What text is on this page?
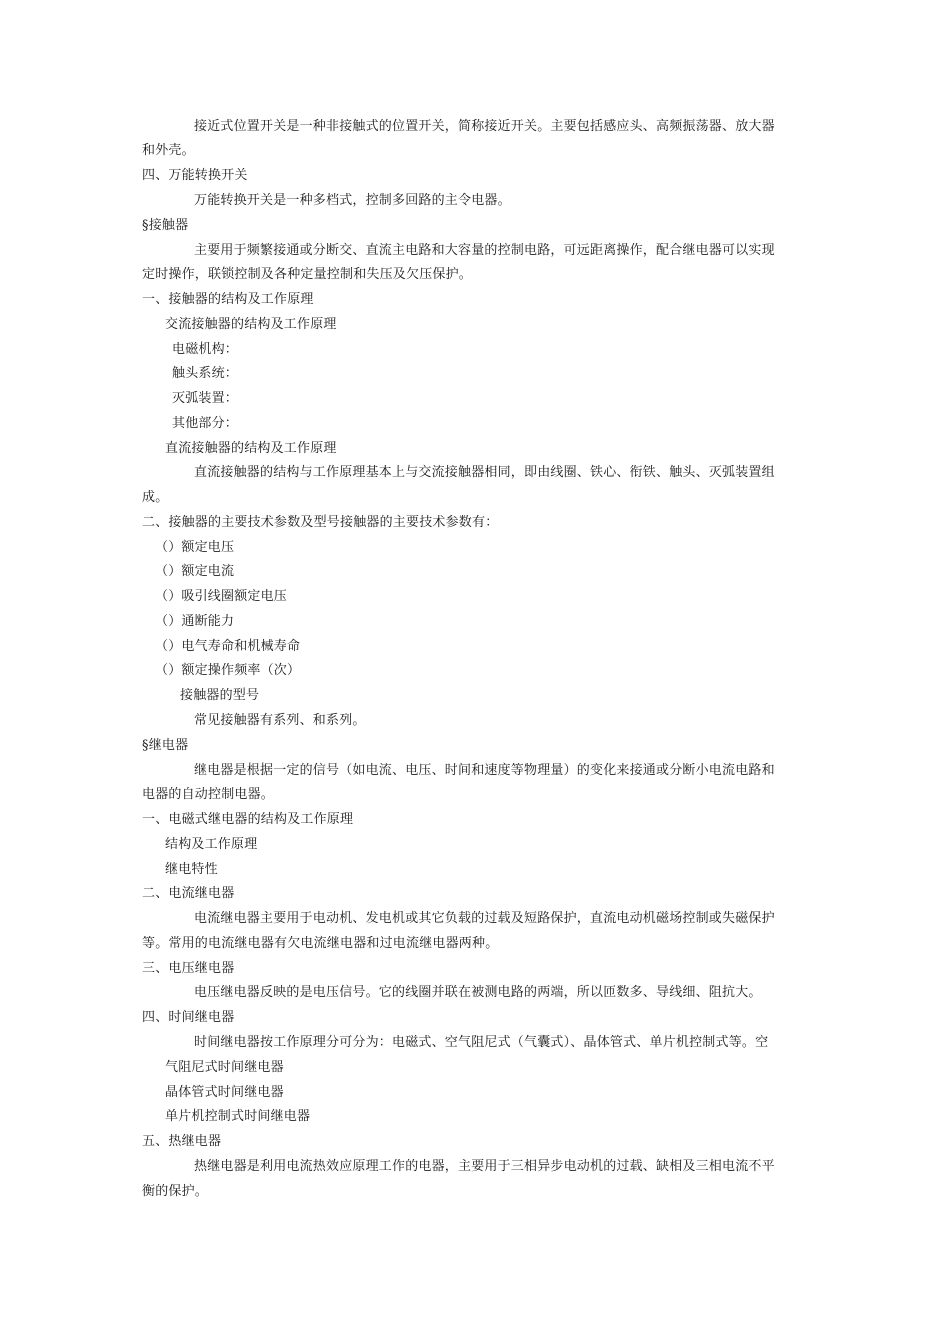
接近式位置开关是一种非接触式的位置开关，简称接近开关。主要包括感应头、高频振荡器、放大器
和外壳。
四、万能转换开关
万能转换开关是一种多档式，控制多回路的主令电器。
§接触器
主要用于频繁接通或分断交、直流主电路和大容量的控制电路，可远距离操作，配合继电器可以实现
定时操作，联锁控制及各种定量控制和失压及欠压保护。
一、接触器的结构及工作原理
交流接触器的结构及工作原理
电磁机构：
触头系统：
灭弧装置：
其他部分：
直流接触器的结构及工作原理
直流接触器的结构与工作原理基本上与交流接触器相同，即由线圈、铁心、衔铁、触头、灭弧装置组
成。
二、接触器的主要技术参数及型号接触器的主要技术参数有：
（）额定电压
（）额定电流
（）吸引线圈额定电压
（）通断能力
（）电气寿命和机械寿命
（）额定操作频率（次）
接触器的型号
常见接触器有系列、和系列。
§继电器
继电器是根据一定的信号（如电流、电压、时间和速度等物理量）的变化来接通或分断小电流电路和
电器的自动控制电器。
一、电磁式继电器的结构及工作原理
结构及工作原理
继电特性
二、电流继电器
电流继电器主要用于电动机、发电机或其它负载的过载及短路保护，直流电动机磁场控制或失磁保护
等。常用的电流继电器有欠电流继电器和过电流继电器两种。
三、电压继电器
电压继电器反映的是电压信号。它的线圈并联在被测电路的两端，所以匝数多、导线细、阻抗大。
四、时间继电器
时间继电器按工作原理分可分为：电磁式、空气阻尼式（气囊式）、晶体管式、单片机控制式等。空
气阻尼式时间继电器
晶体管式时间继电器
单片机控制式时间继电器
五、热继电器
热继电器是利用电流热效应原理工作的电器，主要用于三相异步电动机的过载、缺相及三相电流不平
衡的保护。
